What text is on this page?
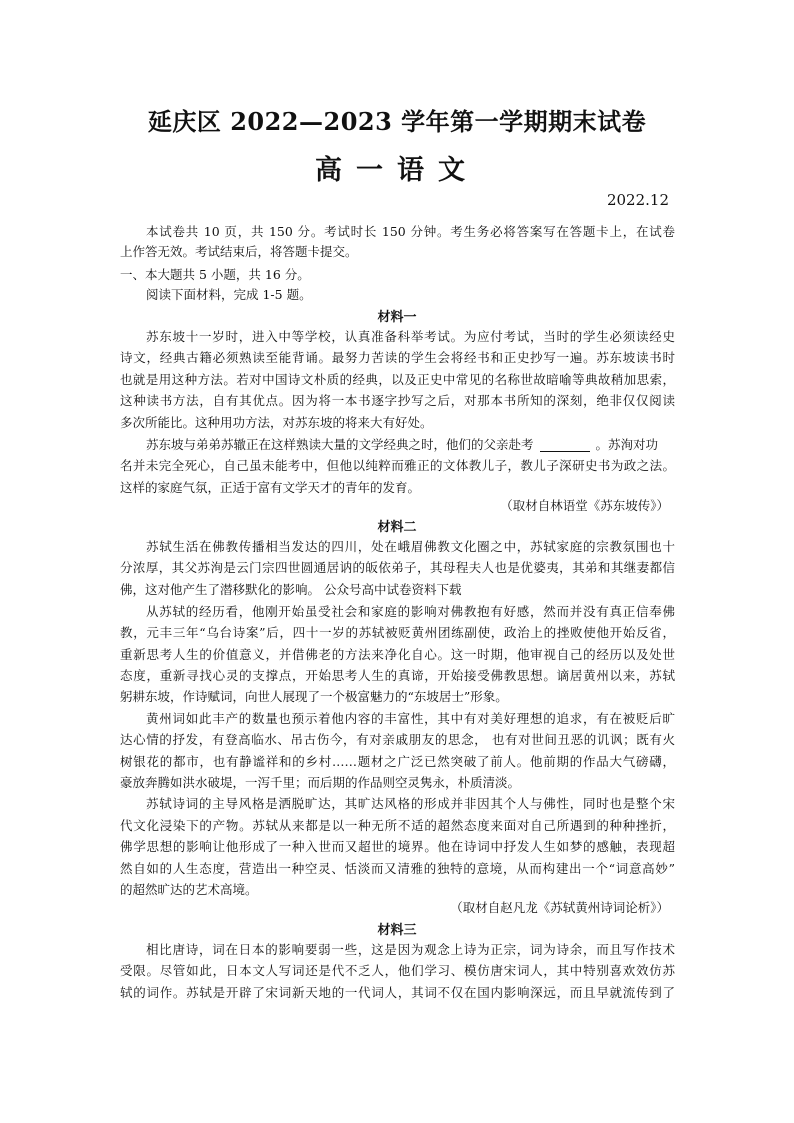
延庆区 2022—2023 学年第一学期期末试卷
高一语文
2022.12
本试卷共 10 页，共 150 分。考试时长 150 分钟。考生务必将答案写在答题卡上，在试卷
上作答无效。考试结束后，将答题卡提交。
一、本大题共 5 小题，共 16 分。
阅读下面材料，完成 1-5 题。
材料一
苏东坡十一岁时，进入中等学校，认真准备科举考试。为应付考试，当时的学生必须读经史
诗文，经典古籍必须熟读至能背诵。最努力苦读的学生会将经书和正史抄写一遍。苏东坡读书时
也就是用这种方法。若对中国诗文朴质的经典，以及正史中常见的名称世故暗喻等典故稍加思索，
这种读书方法，自有其优点。因为将一本书逐字抄写之后，对那本书所知的深刻，绝非仅仅阅读
多次所能比。这种用功方法，对苏东坡的将来大有好处。
苏东坡与弟弟苏辙正在这样熟读大量的文学经典之时，他们的父亲赴考	。苏洵对功
名并未完全死心，自己虽未能考中，但他以纯粹而雅正的文体教儿子，教儿子深研史书为政之法。
这样的家庭气氛，正适于富有文学天才的青年的发育。
（取材自林语堂《苏东坡传》）
材料二
苏轼生活在佛教传播相当发达的四川，处在峨眉佛教文化圈之中，苏轼家庭的宗教氛围也十
分浓厚，其父苏洵是云门宗四世圆通居讷的皈依弟子，其母程夫人也是优婆夷，其弟和其继妻都信
佛，这对他产生了潜移默化的影响。 公众号高中试卷资料下载
从苏轼的经历看，他刚开始虽受社会和家庭的影响对佛教抱有好感，然而并没有真正信奉佛
教，元丰三年“乌台诗案”后，四十一岁的苏轼被贬黄州团练副使，政治上的挫败使他开始反省，
重新思考人生的价值意义，并借佛老的方法来净化自心。这一时期，他审视自己的经历以及处世
态度，重新寻找心灵的支撑点，开始思考人生的真谛，开始接受佛教思想。谪居黄州以来，苏轼
躬耕东坡，作诗赋词，向世人展现了一个极富魅力的“东坡居士”形象。
黄州词如此丰产的数量也预示着他内容的丰富性，其中有对美好理想的追求，有在被贬后旷
达心情的抒发，有登高临水、吊古伤今，有对亲戚朋友的思念， 也有对世间丑恶的讥讽；既有火
树银花的都市，也有静谧祥和的乡村……题材之广泛已然突破了前人。他前期的作品大气磅礴，
豪放奔腾如洪水破堤，一泻千里；而后期的作品则空灵隽永，朴质清淡。
苏轼诗词的主导风格是洒脱旷达，其旷达风格的形成并非因其个人与佛性，同时也是整个宋
代文化浸染下的产物。苏轼从来都是以一种无所不适的超然态度来面对自己所遇到的种种挫折，
佛学思想的影响让他形成了一种入世而又超世的境界。他在诗词中抒发人生如梦的感触，表现超
然自如的人生态度，营造出一种空灵、恬淡而又清雅的独特的意境，从而构建出一个“词意高妙”
的超然旷达的艺术高境。
（取材自赵凡龙《苏轼黄州诗词论析》）
材料三
相比唐诗，词在日本的影响要弱一些，这是因为观念上诗为正宗，词为诗余，而且写作技术
受限。尽管如此，日本文人写词还是代不乏人，他们学习、模仿唐宋词人，其中特别喜欢效仿苏
轼的词作。苏轼是开辟了宋词新天地的一代词人，其词不仅在国内影响深远，而且早就流传到了
